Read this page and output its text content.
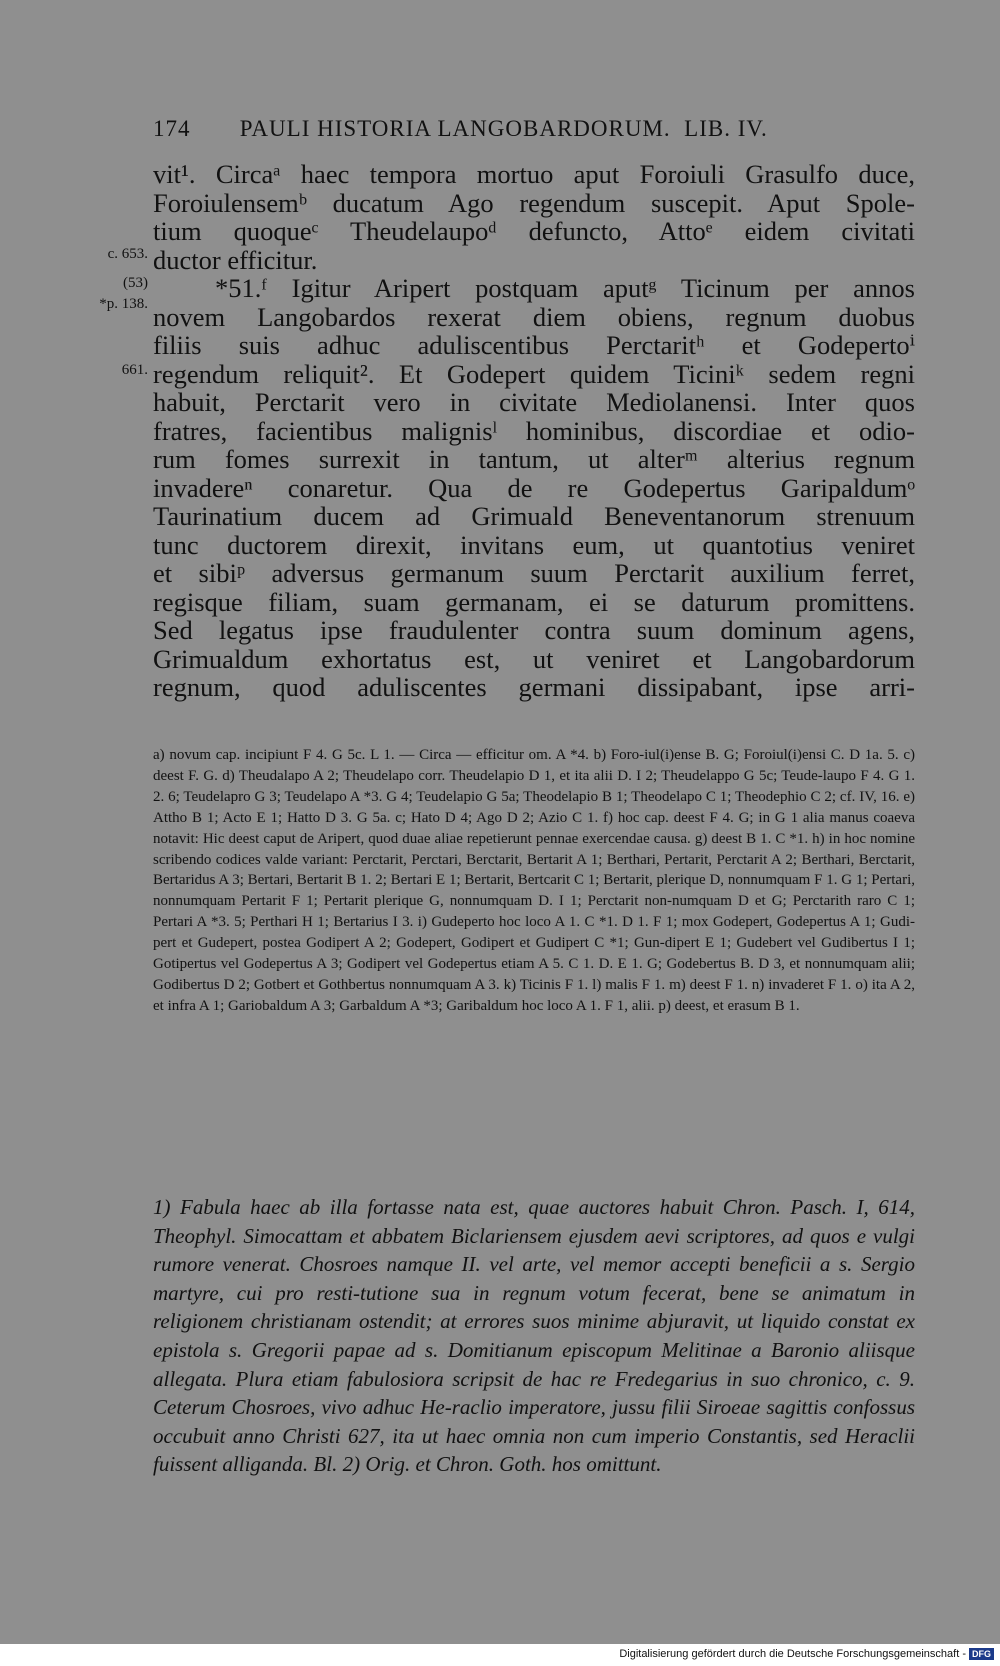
174 PAULI HISTORIA LANGOBARDORUM.  LIB. IV.
c. 653.
(53)
*p. 138.
661.

vit¹. Circaᵃ haec tempora mortuo aput Foroiuli Grasulfo duce,

Foroiulensemᵇ ducatum Ago regendum suscepit. Aput Spole-

tium quoqueᶜ Theudelaupoᵈ defuncto, Attoᵉ eidem civitati

ductor efficitur.

*51.ᶠ Igitur Aripert postquam aputᵍ Ticinum per annos

novem Langobardos rexerat diem obiens, regnum duobus

filiis suis adhuc aduliscentibus Perctaritʰ et Godepertoⁱ

regendum reliquit². Et Godepert quidem Ticiniᵏ sedem regni

habuit, Perctarit vero in civitate Mediolanensi. Inter quos

fratres, facientibus malignisˡ hominibus, discordiae et odio-

rum fomes surrexit in tantum, ut alterᵐ alterius regnum

invadereⁿ conaretur. Qua de re Godepertus Garipaldumᵒ

Taurinatium ducem ad Grimuald Beneventanorum strenuum

tunc ductorem direxit, invitans eum, ut quantotius veniret

et sibiᵖ adversus germanum suum Perctarit auxilium ferret,

regisque filiam, suam germanam, ei se daturum promittens.

Sed legatus ipse fraudulenter contra suum dominum agens,

Grimualdum exhortatus est, ut veniret et Langobardorum

regnum, quod aduliscentes germani dissipabant, ipse arri-

a) novum cap. incipiunt F 4. G 5c. L 1. — Circa — efficitur om. A *4. b) Foro-iul(i)ense B. G; Foroiul(i)ensi C. D 1a. 5. c) deest F. G. d) Theudalapo A 2; Theudelapo corr. Theudelapio D 1, et ita alii D. I 2; Theudelappo G 5c; Teude-laupo F 4. G 1. 2. 6; Teudelapro G 3; Teudelapo A *3. G 4; Teudelapio G 5a; Theodelapio B 1; Theodelapo C 1; Theodephio C 2; cf. IV, 16. e) Attho B 1; Acto E 1; Hatto D 3. G 5a. c; Hato D 4; Ago D 2; Azio C 1. f) hoc cap. deest F 4. G; in G 1 alia manus coaeva notavit: Hic deest caput de Aripert, quod duae aliae repetierunt pennae exercendae causa. g) deest B 1. C *1. h) in hoc nomine scribendo codices valde variant: Perctarit, Perctari, Berctarit, Bertarit A 1; Berthari, Pertarit, Perctarit A 2; Berthari, Berctarit, Bertaridus A 3; Bertari, Bertarit B 1. 2; Bertari E 1; Bertarit, Bertcarit C 1; Bertarit, plerique D, nonnumquam F 1. G 1; Pertari, nonnumquam Pertarit F 1; Pertarit plerique G, nonnumquam D. I 1; Perctarit non-numquam D et G; Perctarith raro C 1; Pertari A *3. 5; Perthari H 1; Bertarius I 3. i) Gudeperto hoc loco A 1. C *1. D 1. F 1; mox Godepert, Godepertus A 1; Gudi-pert et Gudepert, postea Godipert A 2; Godepert, Godipert et Gudipert C *1; Gun-dipert E 1; Gudebert vel Gudibertus I 1; Gotipertus vel Godepertus A 3; Godipert vel Godepertus etiam A 5. C 1. D. E 1. G; Godebertus B. D 3, et nonnumquam alii; Godibertus D 2; Gotbert et Gothbertus nonnumquam A 3. k) Ticinis F 1. l) malis F 1. m) deest F 1. n) invaderet F 1. o) ita A 2, et infra A 1; Gariobaldum A 3; Garbaldum A *3; Garibaldum hoc loco A 1. F 1, alii. p) deest, et erasum B 1.
1) Fabula haec ab illa fortasse nata est, quae auctores habuit Chron. Pasch. I, 614, Theophyl. Simocattam et abbatem Biclariensem ejusdem aevi scriptores, ad quos e vulgi rumore venerat. Chosroes namque II. vel arte, vel memor accepti beneficii a s. Sergio martyre, cui pro resti-tutione sua in regnum votum fecerat, bene se animatum in religionem christianam ostendit; at errores suos minime abjuravit, ut liquido constat ex epistola s. Gregorii papae ad s. Domitianum episcopum Melitinae a Baronio aliisque allegata. Plura etiam fabulosiora scripsit de hac re Fredegarius in suo chronico, c. 9. Ceterum Chosroes, vivo adhuc He-raclio imperatore, jussu filii Siroeae sagittis confossus occubuit anno Christi 627, ita ut haec omnia non cum imperio Constantis, sed Heraclii fuissent alliganda. Bl. 2) Orig. et Chron. Goth. hos omittunt.
Digitalisierung gefördert durch die Deutsche Forschungsgemeinschaft - DFG
